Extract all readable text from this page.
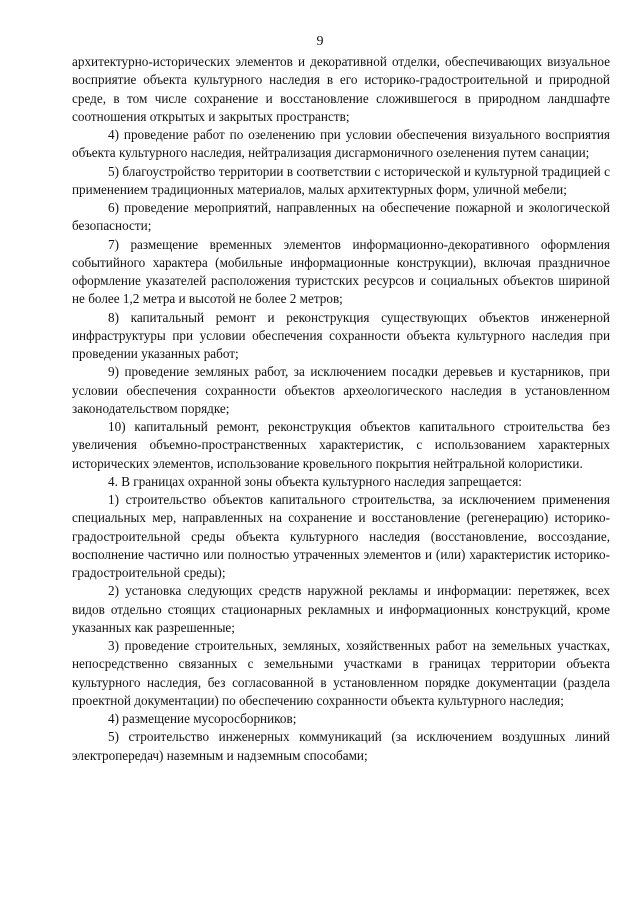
9

архитектурно-исторических элементов и декоративной отделки, обеспечивающих визуальное восприятие объекта культурного наследия в его историко-градостроительной и природной среде, в том числе сохранение и восстановление сложившегося в природном ландшафте соотношения открытых и закрытых пространств;

4) проведение работ по озеленению при условии обеспечения визуального восприятия объекта культурного наследия, нейтрализация дисгармоничного озеленения путем санации;

5) благоустройство территории в соответствии с исторической и культурной традицией с применением традиционных материалов, малых архитектурных форм, уличной мебели;

6) проведение мероприятий, направленных на обеспечение пожарной и экологической безопасности;

7) размещение временных элементов информационно-декоративного оформления событийного характера (мобильные информационные конструкции), включая праздничное оформление указателей расположения туристских ресурсов и социальных объектов шириной не более 1,2 метра и высотой не более 2 метров;

8) капитальный ремонт и реконструкция существующих объектов инженерной инфраструктуры при условии обеспечения сохранности объекта культурного наследия при проведении указанных работ;

9) проведение земляных работ, за исключением посадки деревьев и кустарников, при условии обеспечения сохранности объектов археологического наследия в установленном законодательством порядке;

10) капитальный ремонт, реконструкция объектов капитального строительства без увеличения объемно-пространственных характеристик, с использованием характерных исторических элементов, использование кровельного покрытия нейтральной колористики.

4. В границах охранной зоны объекта культурного наследия запрещается:

1) строительство объектов капитального строительства, за исключением применения специальных мер, направленных на сохранение и восстановление (регенерацию) историко-градостроительной среды объекта культурного наследия (восстановление, воссоздание, восполнение частично или полностью утраченных элементов и (или) характеристик историко-градостроительной среды);

2) установка следующих средств наружной рекламы и информации: перетяжек, всех видов отдельно стоящих стационарных рекламных и информационных конструкций, кроме указанных как разрешенные;

3) проведение строительных, земляных, хозяйственных работ на земельных участках, непосредственно связанных с земельными участками в границах территории объекта культурного наследия, без согласованной в установленном порядке документации (раздела проектной документации) по обеспечению сохранности объекта культурного наследия;

4) размещение мусоросборников;

5) строительство инженерных коммуникаций (за исключением воздушных линий электропередач) наземным и надземным способами;
